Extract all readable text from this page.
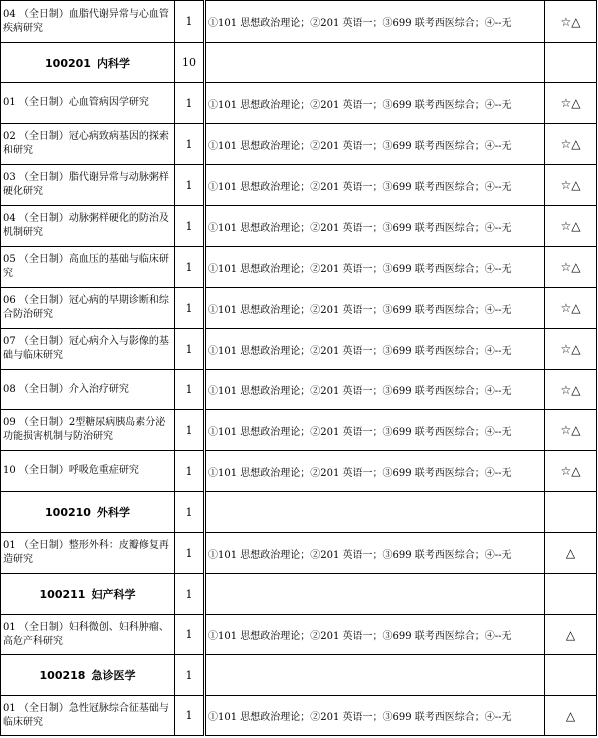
04 （全日制）血脂代谢异常与心血管疾病研究	1	①101 思想政治理论；②201 英语一；③699 联考西医综合；④--无	☆△
100201 内科学	10		
01 （全日制）心血管病因学研究	1	①101 思想政治理论；②201 英语一；③699 联考西医综合；④--无	☆△
02 （全日制）冠心病致病基因的探索和研究	1	①101 思想政治理论；②201 英语一；③699 联考西医综合；④--无	☆△
03 （全日制）脂代谢异常与动脉粥样硬化研究	1	①101 思想政治理论；②201 英语一；③699 联考西医综合；④--无	☆△
04 （全日制）动脉粥样硬化的防治及机制研究	1	①101 思想政治理论；②201 英语一；③699 联考西医综合；④--无	☆△
05 （全日制）高血压的基础与临床研究	1	①101 思想政治理论；②201 英语一；③699 联考西医综合；④--无	☆△
06 （全日制）冠心病的早期诊断和综合防治研究	1	①101 思想政治理论；②201 英语一；③699 联考西医综合；④--无	☆△
07 （全日制）冠心病介入与影像的基础与临床研究	1	①101 思想政治理论；②201 英语一；③699 联考西医综合；④--无	☆△
08 （全日制）介入治疗研究	1	①101 思想政治理论；②201 英语一；③699 联考西医综合；④--无	☆△
09 （全日制）2型糖尿病胰岛素分泌功能损害机制与防治研究	1	①101 思想政治理论；②201 英语一；③699 联考西医综合；④--无	☆△
10 （全日制）呼吸危重症研究	1	①101 思想政治理论；②201 英语一；③699 联考西医综合；④--无	☆△
100210 外科学	1		
01 （全日制）整形外科：皮瓣修复再造研究	1	①101 思想政治理论；②201 英语一；③699 联考西医综合；④--无	△
100211 妇产科学	1		
01 （全日制）妇科微创、妇科肿瘤、高危产科研究	1	①101 思想政治理论；②201 英语一；③699 联考西医综合；④--无	△
100218 急诊医学	1		
01 （全日制）急性冠脉综合征基础与临床研究	1	①101 思想政治理论；②201 英语一；③699 联考西医综合；④--无	△
